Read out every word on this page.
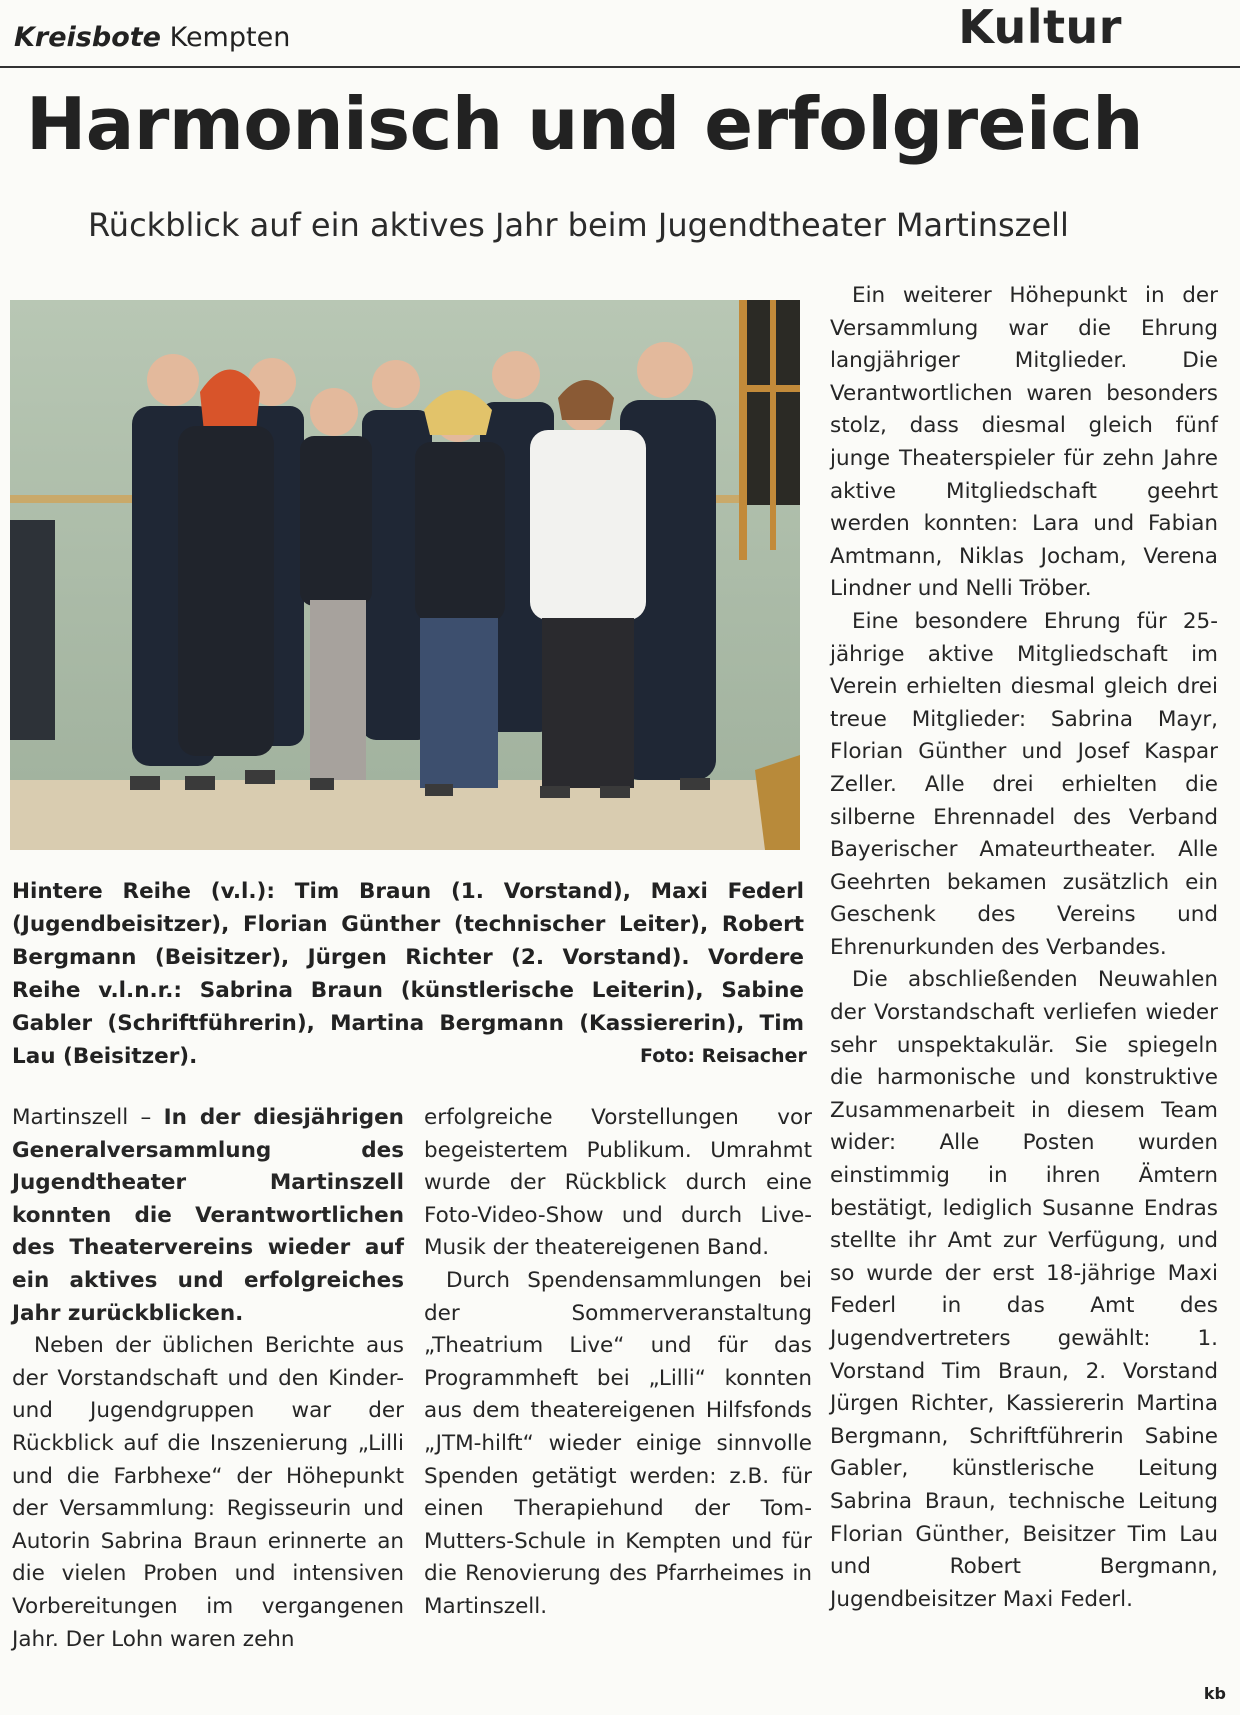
Kreisbote Kempten	Kultur
Harmonisch und erfolgreich
Rückblick auf ein aktives Jahr beim Jugendtheater Martinszell
Hintere Reihe (v.l.): Tim Braun (1. Vorstand), Maxi Federl (Jugendbeisitzer), Florian Günther (technischer Leiter), Robert Bergmann (Beisitzer), Jürgen Richter (2. Vorstand). Vordere Reihe v.l.n.r.: Sabrina Braun (künstlerische Leiterin), Sabine Gabler (Schriftführerin), Martina Bergmann (Kassiererin), Tim Lau (Beisitzer).	Foto: Reisacher

Martinszell – In der diesjährigen Generalversammlung des Jugendtheater Martinszell konnten die Verantwortlichen des Theatervereins wieder auf ein aktives und erfolgreiches Jahr zurückblicken.

Neben der üblichen Berichte aus der Vorstandschaft und den Kinder- und Jugendgruppen war der Rückblick auf die Inszenierung „Lilli und die Farbhexe“ der Höhepunkt der Versammlung: Regisseurin und Autorin Sabrina Braun erinnerte an die vielen Proben und intensiven Vorbereitungen im vergangenen Jahr. Der Lohn waren zehn

erfolgreiche Vorstellungen vor begeistertem Publikum. Umrahmt wurde der Rückblick durch eine Foto-Video-Show und durch Live-Musik der theatereigenen Band.

Durch Spendensammlungen bei der Sommerveranstaltung „Theatrium Live“ und für das Programmheft bei „Lilli“ konnten aus dem theatereigenen Hilfsfonds „JTM-hilft“ wieder einige sinnvolle Spenden getätigt werden: z.B. für einen Therapiehund der Tom-Mutters-Schule in Kempten und für die Renovierung des Pfarrheimes in Martinszell.

Ein weiterer Höhepunkt in der Versammlung war die Ehrung langjähriger Mitglieder. Die Verantwortlichen waren besonders stolz, dass diesmal gleich fünf junge Theaterspieler für zehn Jahre aktive Mitgliedschaft geehrt werden konnten: Lara und Fabian Amtmann, Niklas Jocham, Verena Lindner und Nelli Tröber.

Eine besondere Ehrung für 25-jährige aktive Mitgliedschaft im Verein erhielten diesmal gleich drei treue Mitglieder: Sabrina Mayr, Florian Günther und Josef Kaspar Zeller. Alle drei erhielten die silberne Ehrennadel des Verband Bayerischer Amateurtheater. Alle Geehrten bekamen zusätzlich ein Geschenk des Vereins und Ehrenurkunden des Verbandes.

Die abschließenden Neuwahlen der Vorstandschaft verliefen wieder sehr unspektakulär. Sie spiegeln die harmonische und konstruktive Zusammenarbeit in diesem Team wider: Alle Posten wurden einstimmig in ihren Ämtern bestätigt, lediglich Susanne Endras stellte ihr Amt zur Verfügung, und so wurde der erst 18-jährige Maxi Federl in das Amt des Jugendvertreters gewählt: 1. Vorstand Tim Braun, 2. Vorstand Jürgen Richter, Kassiererin Martina Bergmann, Schriftführerin Sabine Gabler, künstlerische Leitung Sabrina Braun, technische Leitung Florian Günther, Beisitzer Tim Lau und Robert Bergmann, Jugendbeisitzer Maxi Federl.

kb
